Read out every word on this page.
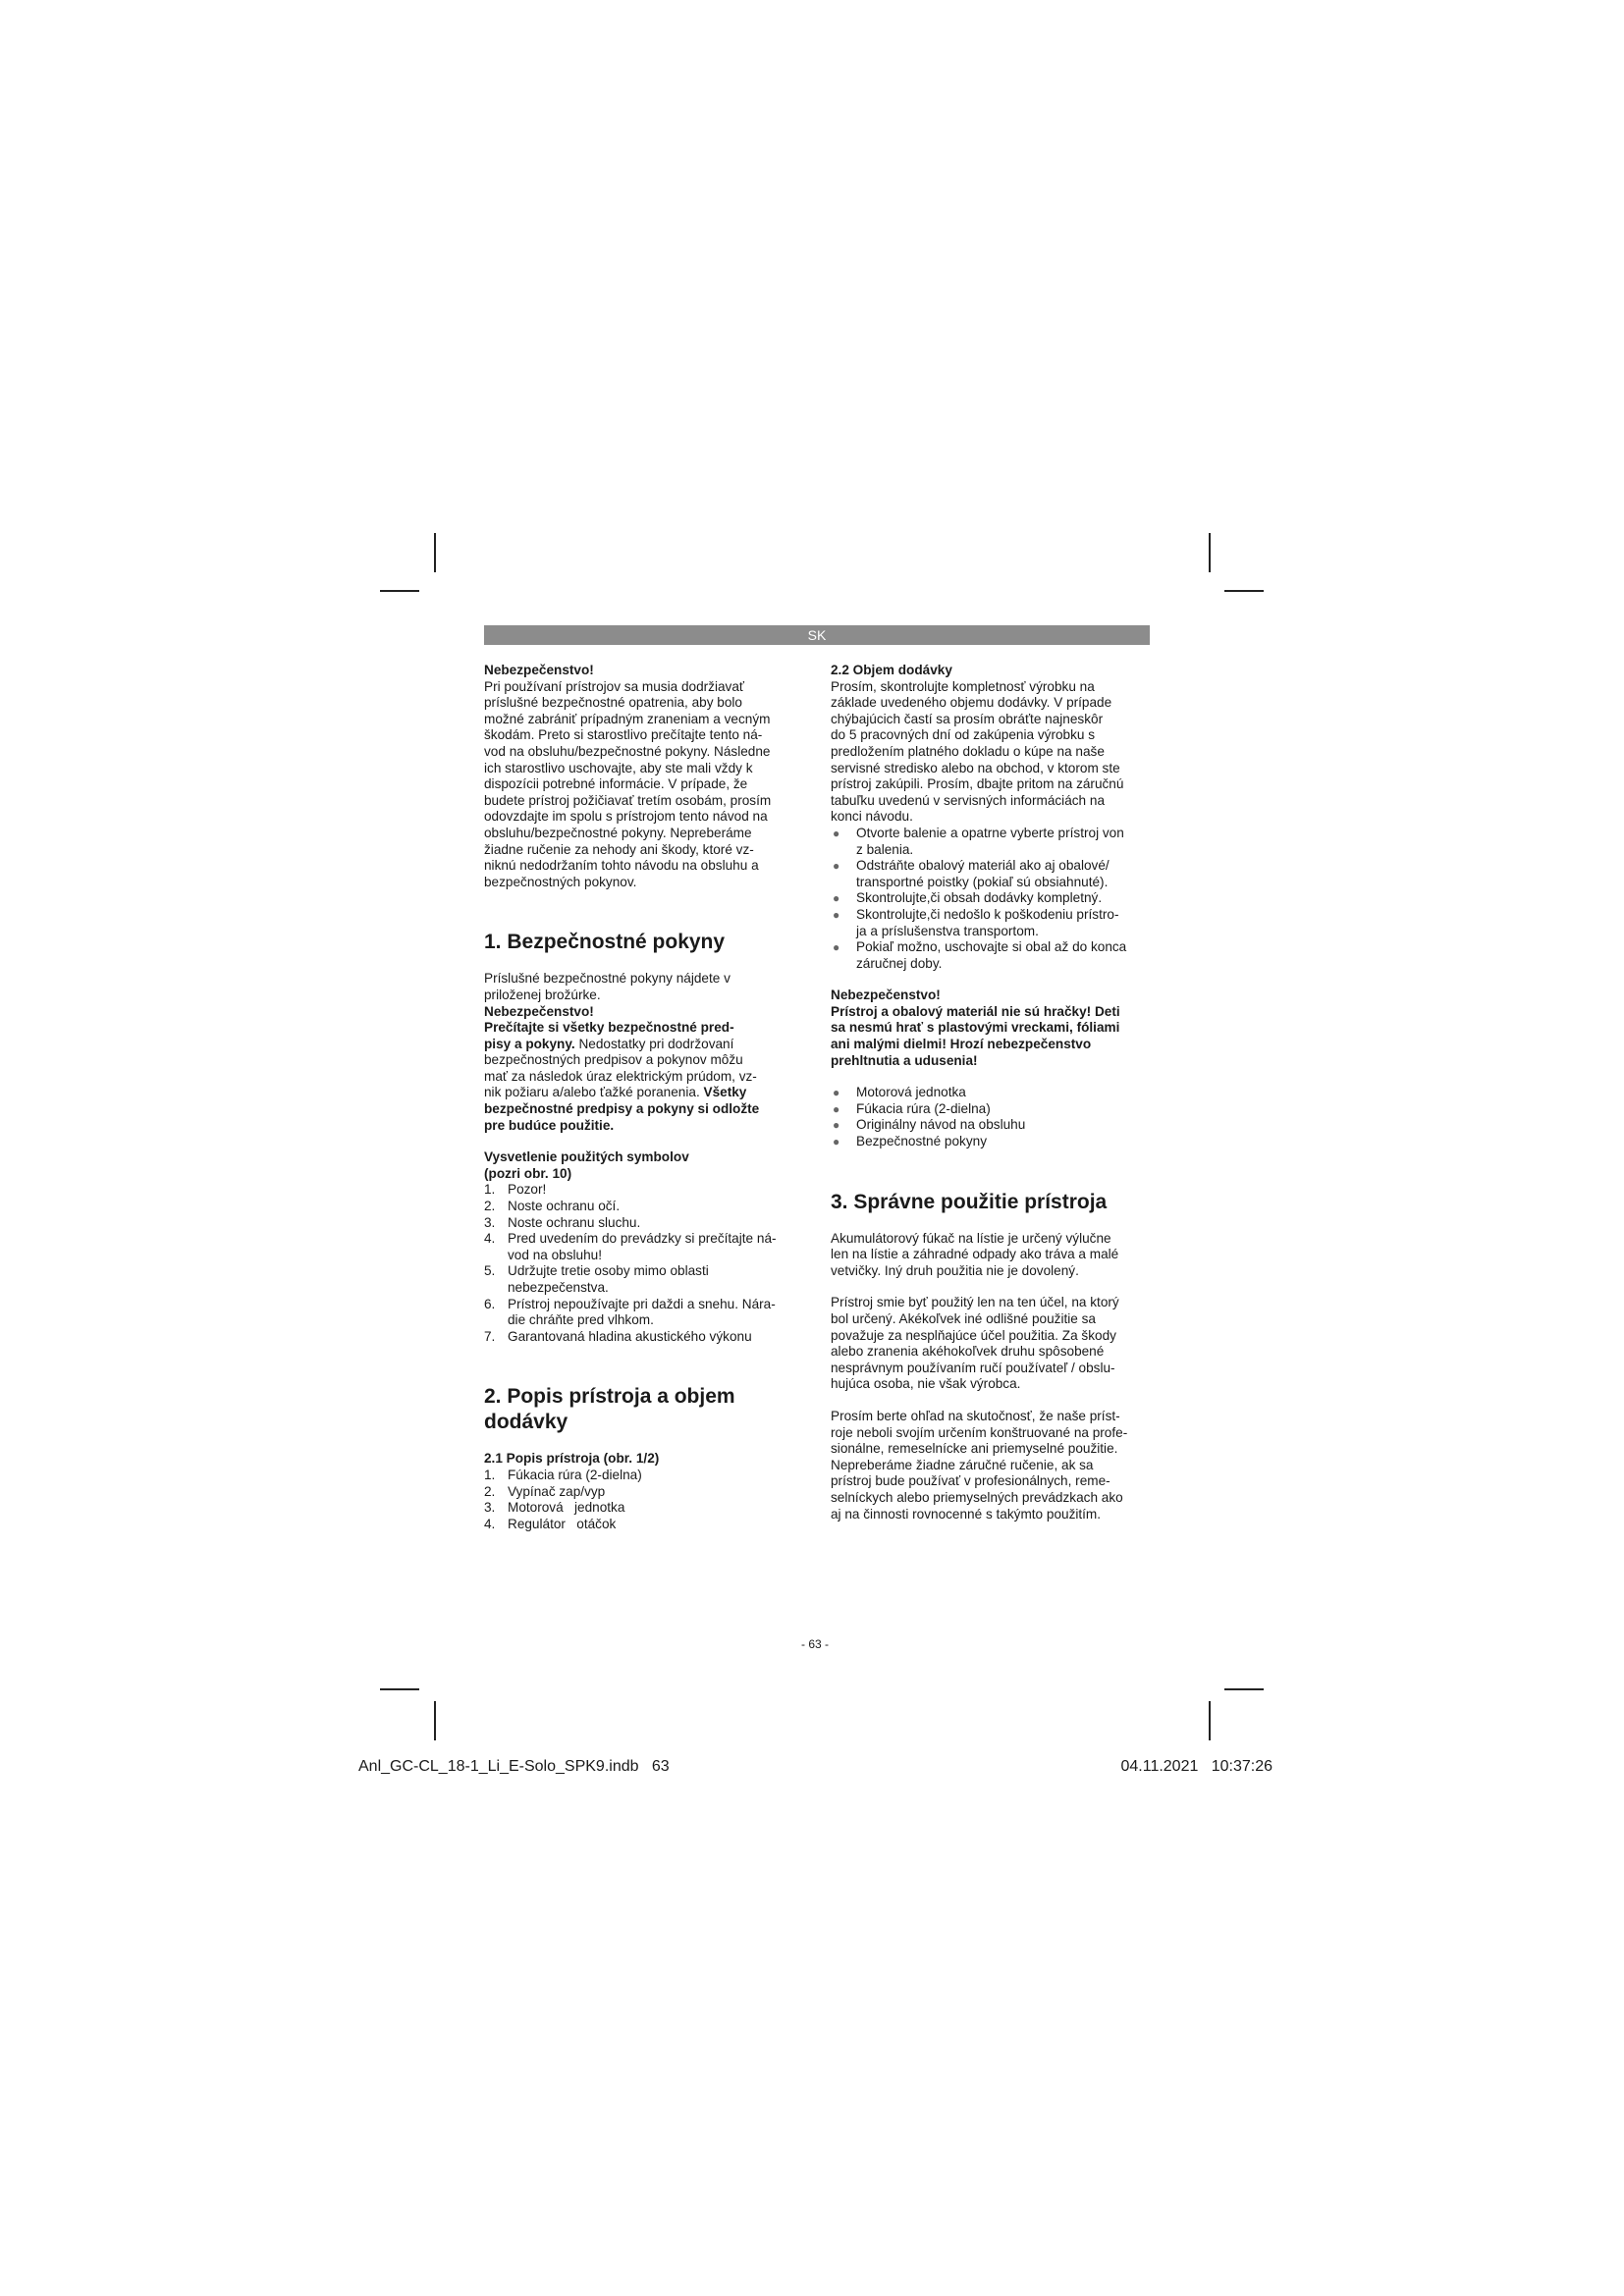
SK

Nebezpečenstvo!

Pri používaní prístrojov sa musia dodržiavať

príslušné bezpečnostné opatrenia, aby bolo

možné zabrániť prípadným zraneniam a vecným

škodám. Preto si starostlivo prečítajte tento ná-

vod na obsluhu/bezpečnostné pokyny. Následne

ich starostlivo uschovajte, aby ste mali vždy k

dispozícii potrebné informácie. V prípade, že

budete prístroj požičiavať tretím osobám, prosím

odovzdajte im spolu s prístrojom tento návod na

obsluhu/bezpečnostné pokyny. Nepreberáme

žiadne ručenie za nehody ani škody, ktoré vz-

niknú nedodržaním tohto návodu na obsluhu a

bezpečnostných pokynov.

1. Bezpečnostné pokyny

Príslušné bezpečnostné pokyny nájdete v

priloženej brožúrke.

Nebezpečenstvo!

Prečítajte si všetky bezpečnostné pred-

pisy a pokyny. Nedostatky pri dodržovaní

bezpečnostných predpisov a pokynov môžu

mať za následok úraz elektrickým prúdom, vz-

nik požiaru a/alebo ťažké poranenia. Všetky

bezpečnostné predpisy a pokyny si odložte

pre budúce použitie.

Vysvetlenie použitých symbolov

(pozri obr. 10)

1. Pozor!
2. Noste ochranu očí.
3. Noste ochranu sluchu.
4. Pred uvedením do prevádzky si prečítajte ná-
vod na obsluhu!
5. Udržujte tretie osoby mimo oblasti
nebezpečenstva.
6. Prístroj nepoužívajte pri daždi a snehu. Nára-
die chráňte pred vlhkom.
7. Garantovaná hladina akustického výkonu
2. Popis prístroja a objem dodávky

2.1 Popis prístroja (obr. 1/2)

1. Fúkacia rúra (2-dielna)
2. Vypínač zap/vyp
3. Motorová   jednotka
4. Regulátor   otáčok

2.2 Objem dodávky

Prosím, skontrolujte kompletnosť výrobku na

základe uvedeného objemu dodávky. V prípade

chýbajúcich častí sa prosím obráťte najneskôr

do 5 pracovných dní od zakúpenia výrobku s

predložením platného dokladu o kúpe na naše

servisné stredisko alebo na obchod, v ktorom ste

prístroj zakúpili. Prosím, dbajte pritom na záručnú

tabuľku uvedenú v servisných informáciách na

konci návodu.

● Otvorte balenie a opatrne vyberte prístroj von
z balenia.
● Odstráňte obalový materiál ako aj obalové/
transportné poistky (pokiaľ sú obsiahnuté).
● Skontrolujte,či obsah dodávky kompletný.
● Skontrolujte,či nedošlo k poškodeniu prístro-
ja a príslušenstva transportom.
● Pokiaľ možno, uschovajte si obal až do konca
záručnej doby.

Nebezpečenstvo!

Prístroj a obalový materiál nie sú hračky! Deti

sa nesmú hrať s plastovými vreckami, fóliami

ani malými dielmi! Hrozí nebezpečenstvo

prehltnutia a udusenia!

● Motorová jednotka
● Fúkacia rúra (2-dielna)
● Originálny návod na obsluhu
● Bezpečnostné pokyny
3. Správne použitie prístroja

Akumulátorový fúkač na lístie je určený výlučne

len na lístie a záhradné odpady ako tráva a malé

vetvičky. Iný druh použitia nie je dovolený.

Prístroj smie byť použitý len na ten účel, na ktorý

bol určený. Akékoľvek iné odlišné použitie sa

považuje za nesplňajúce účel použitia. Za škody

alebo zranenia akéhokoľvek druhu spôsobené

nesprávnym používaním ručí používateľ / obslu-

hujúca osoba, nie však výrobca.

Prosím berte ohľad na skutočnosť, že naše príst-

roje neboli svojím určením konštruované na profe-

sionálne, remeselnícke ani priemyselné použitie.

Nepreberáme žiadne záručné ručenie, ak sa

prístroj bude používať v profesionálnych, reme-

selníckych alebo priemyselných prevádzkach ako

aj na činnosti rovnocenné s takýmto použitím.

- 63 -
Anl_GC-CL_18-1_Li_E-Solo_SPK9.indb   63	04.11.2021 10:37:26
